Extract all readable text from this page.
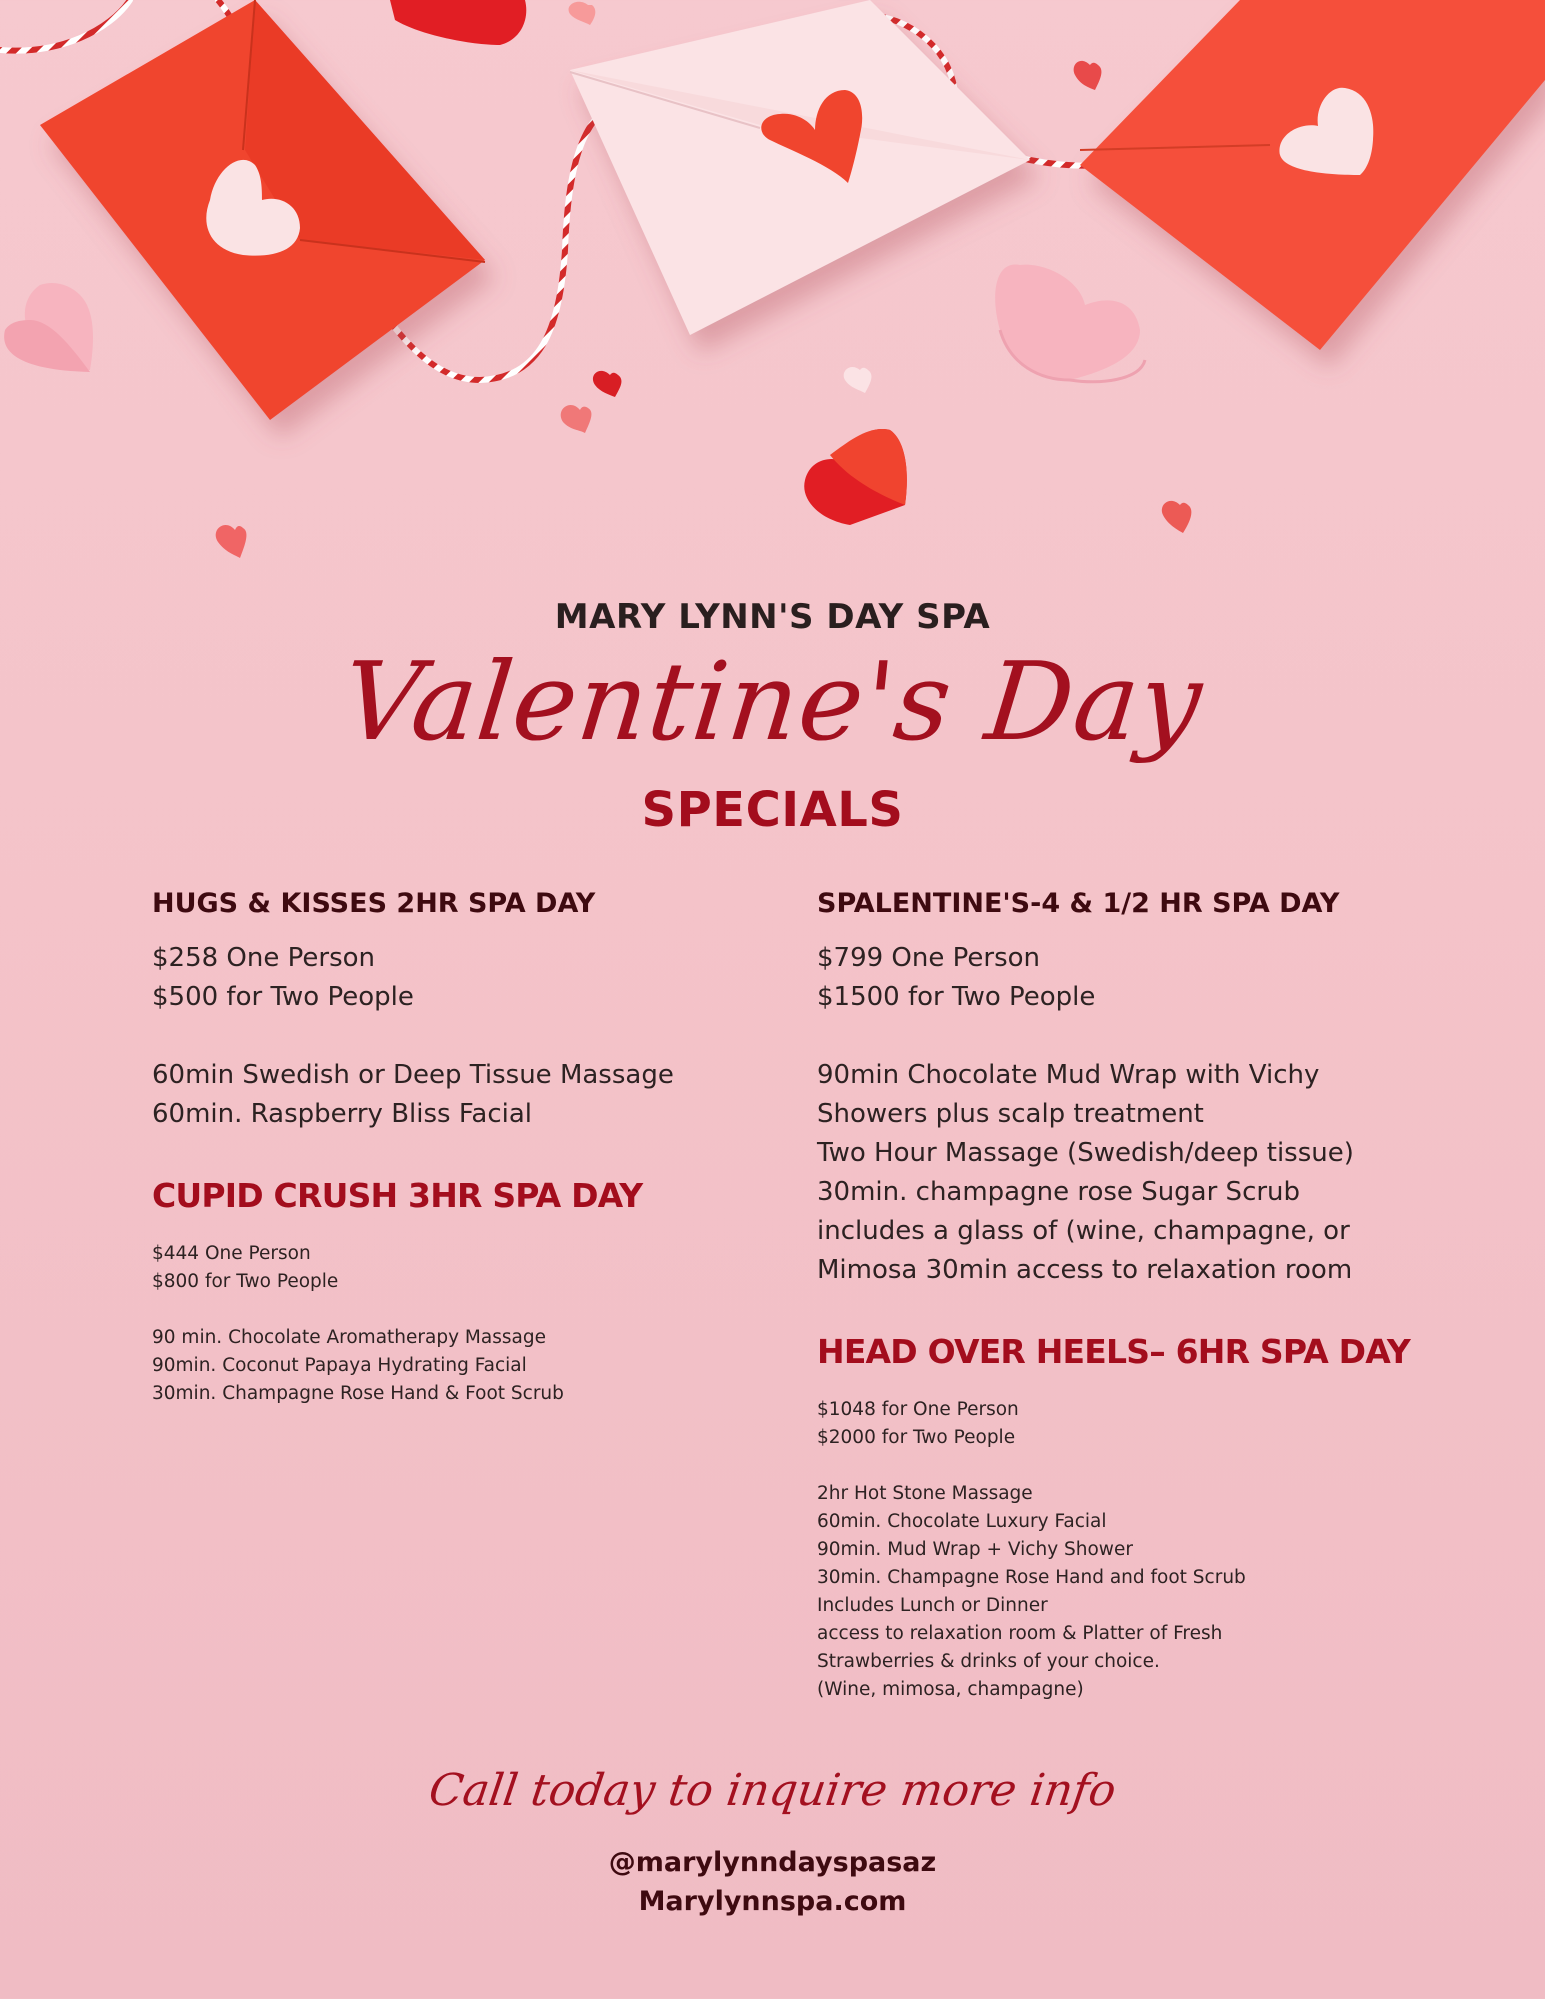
MARY LYNN'S DAY SPA
Valentine's Day
SPECIALS
HUGS & KISSES 2HR SPA DAY
$258 One Person
$500 for Two People
60min Swedish or Deep Tissue Massage
60min. Raspberry Bliss Facial
CUPID CRUSH 3HR SPA DAY
$444 One Person
$800 for Two People
90 min. Chocolate Aromatherapy Massage
90min. Coconut Papaya Hydrating Facial
30min. Champagne Rose Hand & Foot Scrub
SPALENTINE'S-4 & 1/2 HR SPA DAY
$799 One Person
$1500 for Two People
90min Chocolate Mud Wrap with Vichy
Showers plus scalp treatment
Two Hour Massage (Swedish/deep tissue)
30min. champagne rose Sugar Scrub
includes a glass of (wine, champagne, or
Mimosa 30min access to relaxation room
HEAD OVER HEELS– 6HR SPA DAY
$1048 for One Person
$2000 for Two People
2hr Hot Stone Massage
60min. Chocolate Luxury Facial
90min. Mud Wrap + Vichy Shower
30min. Champagne Rose Hand and foot Scrub
Includes Lunch or Dinner
access to relaxation room & Platter of Fresh
Strawberries & drinks of your choice.
(Wine, mimosa, champagne)
Call today to inquire more info
@marylynndayspasaz
Marylynnspa.com
